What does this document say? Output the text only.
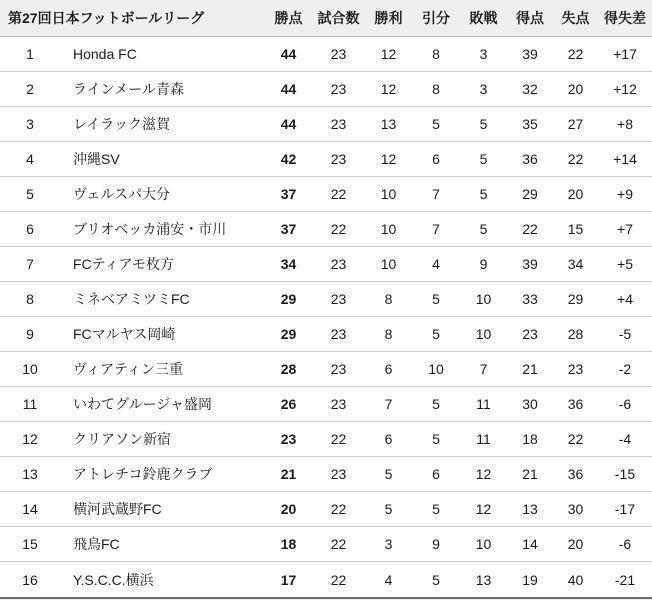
第27回日本フットボールリーグ	勝点	試合数	勝利	引分	敗戦	得点	失点	得失差
1	Honda FC	44	23	12	8	3	39	22	+17
2	ラインメール青森	44	23	12	8	3	32	20	+12
3	レイラック滋賀	44	23	13	5	5	35	27	+8
4	沖縄SV	42	23	12	6	5	36	22	+14
5	ヴェルスパ大分	37	22	10	7	5	29	20	+9
6	ブリオベッカ浦安・市川	37	22	10	7	5	22	15	+7
7	FCティアモ枚方	34	23	10	4	9	39	34	+5
8	ミネベアミツミFC	29	23	8	5	10	33	29	+4
9	FCマルヤス岡崎	29	23	8	5	10	23	28	-5
10	ヴィアティン三重	28	23	6	10	7	21	23	-2
11	いわてグルージャ盛岡	26	23	7	5	11	30	36	-6
12	クリアソン新宿	23	22	6	5	11	18	22	-4
13	アトレチコ鈴鹿クラブ	21	23	5	6	12	21	36	-15
14	横河武蔵野FC	20	22	5	5	12	13	30	-17
15	飛鳥FC	18	22	3	9	10	14	20	-6
16	Y.S.C.C.横浜	17	22	4	5	13	19	40	-21
